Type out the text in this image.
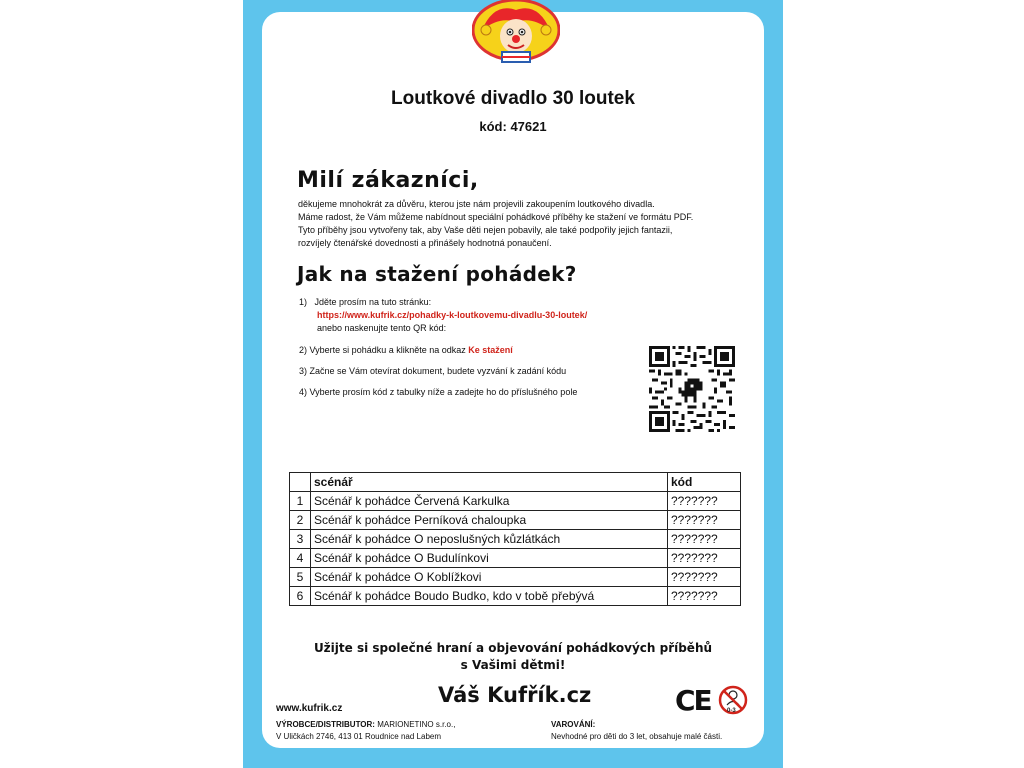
Loutkové divadlo 30 loutek
kód: 47621
Milí zákazníci,
děkujeme mnohokrát za důvěru, kterou jste nám projevili zakoupením loutkového divadla.
Máme radost, že Vám můžeme nabídnout speciální pohádkové příběhy ke stažení ve formátu PDF.
Tyto příběhy jsou vytvořeny tak, aby Vaše děti nejen pobavily, ale také podpořily jejich fantazii,
rozvíjely čtenářské dovednosti a přinášely hodnotná ponaučení.
Jak na stažení pohádek?
1) Jděte prosím na tuto stránku:
https://www.kufrik.cz/pohadky-k-loutkovemu-divadlu-30-loutek/
anebo naskenujte tento QR kód:
2) Vyberte si pohádku a klikněte na odkaz Ke stažení
3) Začne se Vám otevírat dokument, budete vyzvání k zadání kódu
4) Vyberte prosím kód z tabulky níže a zadejte ho do příslušného pole
	scénář	kód
1	Scénář k pohádce Červená Karkulka	???????
2	Scénář k pohádce Perníková chaloupka	???????
3	Scénář k pohádce O neposlušných kůzlátkách	???????
4	Scénář k pohádce O Budulínkovi	???????
5	Scénář k pohádce O Koblížkovi	???????
6	Scénář k pohádce Boudo Budko, kdo v tobě přebývá	???????
Užijte si společné hraní a objevování pohádkových příběhů
s Vašimi dětmi!
www.kufrik.cz
Váš Kufřík.cz
VÝROBCE/DISTRIBUTOR: MARIONETINO s.r.o.,
V Uličkách 2746, 413 01 Roudnice nad Labem
VAROVÁNÍ:
Nevhodné pro děti do 3 let, obsahuje malé části.
CE	0-3
